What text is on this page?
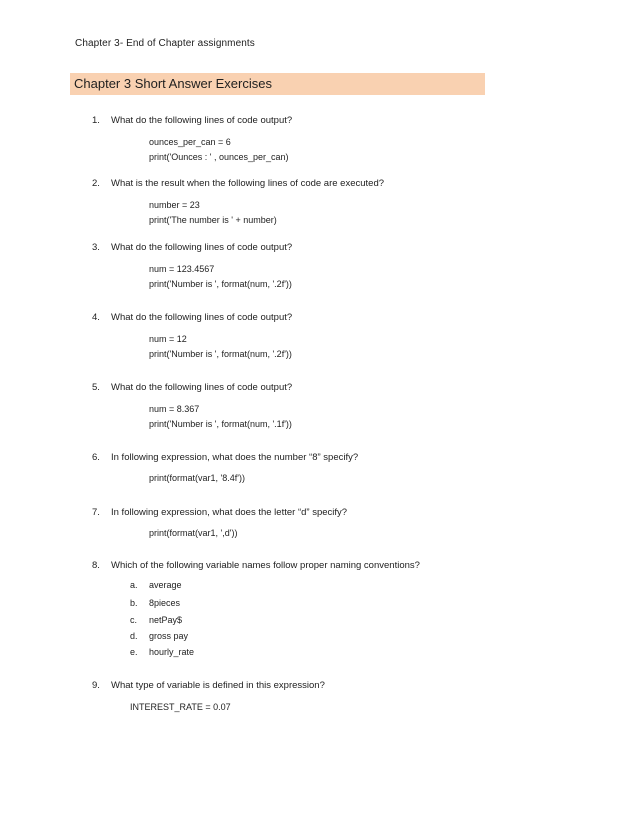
Chapter 3- End of Chapter assignments
Chapter 3 Short Answer Exercises
1. What do the following lines of code output?
ounces_per_can = 6
print('Ounces : ' , ounces_per_can)
2. What is the result when the following lines of code are executed?
number = 23
print('The number is ' + number)
3. What do the following lines of code output?
num = 123.4567
print('Number is ', format(num, '.2f'))
4. What do the following lines of code output?
num = 12
print('Number is ', format(num, '.2f'))
5. What do the following lines of code output?
num = 8.367
print('Number is ', format(num, '.1f'))
6. In following expression, what does the number “8” specify?
print(format(var1, '8.4f'))
7. In following expression, what does the letter “d” specify?
print(format(var1, ',d'))
8. Which of the following variable names follow proper naming conventions?
a. average
b. 8pieces
c. netPay$
d. gross pay
e. hourly_rate
9. What type of variable is defined in this expression?
INTEREST_RATE = 0.07
